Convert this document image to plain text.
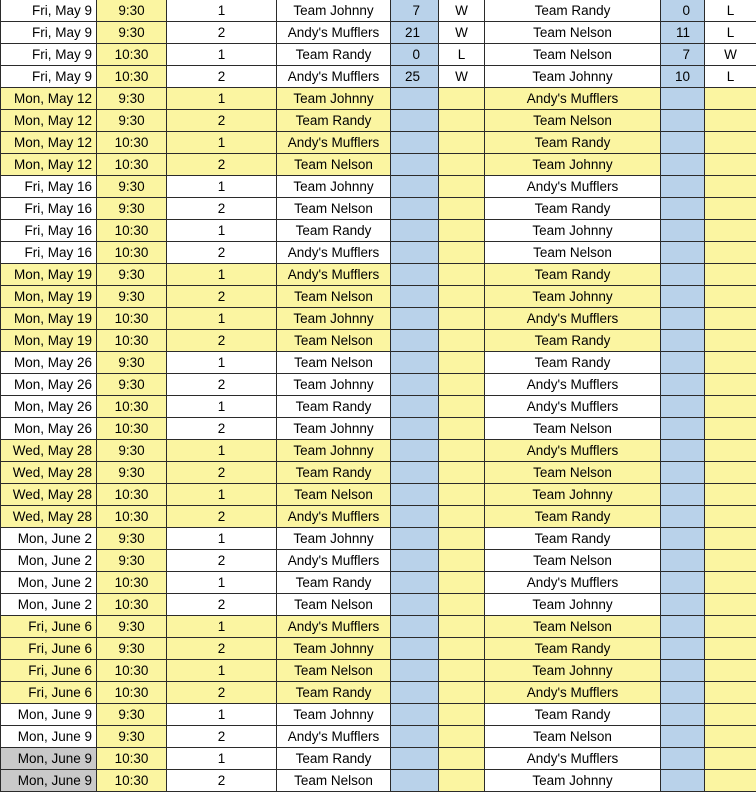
Fri, May 9	9:30	1	Team Johnny	7	W	Team Randy	0	L
Fri, May 9	9:30	2	Andy's Mufflers	21	W	Team Nelson	11	L
Fri, May 9	10:30	1	Team Randy	0	L	Team Nelson	7	W
Fri, May 9	10:30	2	Andy's Mufflers	25	W	Team Johnny	10	L
Mon, May 12	9:30	1	Team Johnny			Andy's Mufflers		
Mon, May 12	9:30	2	Team Randy			Team Nelson		
Mon, May 12	10:30	1	Andy's Mufflers			Team Randy		
Mon, May 12	10:30	2	Team Nelson			Team Johnny		
Fri, May 16	9:30	1	Team Johnny			Andy's Mufflers		
Fri, May 16	9:30	2	Team Nelson			Team Randy		
Fri, May 16	10:30	1	Team Randy			Team Johnny		
Fri, May 16	10:30	2	Andy's Mufflers			Team Nelson		
Mon, May 19	9:30	1	Andy's Mufflers			Team Randy		
Mon, May 19	9:30	2	Team Nelson			Team Johnny		
Mon, May 19	10:30	1	Team Johnny			Andy's Mufflers		
Mon, May 19	10:30	2	Team Nelson			Team Randy		
Mon, May 26	9:30	1	Team Nelson			Team Randy		
Mon, May 26	9:30	2	Team Johnny			Andy's Mufflers		
Mon, May 26	10:30	1	Team Randy			Andy's Mufflers		
Mon, May 26	10:30	2	Team Johnny			Team Nelson		
Wed, May 28	9:30	1	Team Johnny			Andy's Mufflers		
Wed, May 28	9:30	2	Team Randy			Team Nelson		
Wed, May 28	10:30	1	Team Nelson			Team Johnny		
Wed, May 28	10:30	2	Andy's Mufflers			Team Randy		
Mon, June 2	9:30	1	Team Johnny			Team Randy		
Mon, June 2	9:30	2	Andy's Mufflers			Team Nelson		
Mon, June 2	10:30	1	Team Randy			Andy's Mufflers		
Mon, June 2	10:30	2	Team Nelson			Team Johnny		
Fri, June 6	9:30	1	Andy's Mufflers			Team Nelson		
Fri, June 6	9:30	2	Team Johnny			Team Randy		
Fri, June 6	10:30	1	Team Nelson			Team Johnny		
Fri, June 6	10:30	2	Team Randy			Andy's Mufflers		
Mon, June 9	9:30	1	Team Johnny			Team Randy		
Mon, June 9	9:30	2	Andy's Mufflers			Team Nelson		
Mon, June 9	10:30	1	Team Randy			Andy's Mufflers		
Mon, June 9	10:30	2	Team Nelson			Team Johnny		
